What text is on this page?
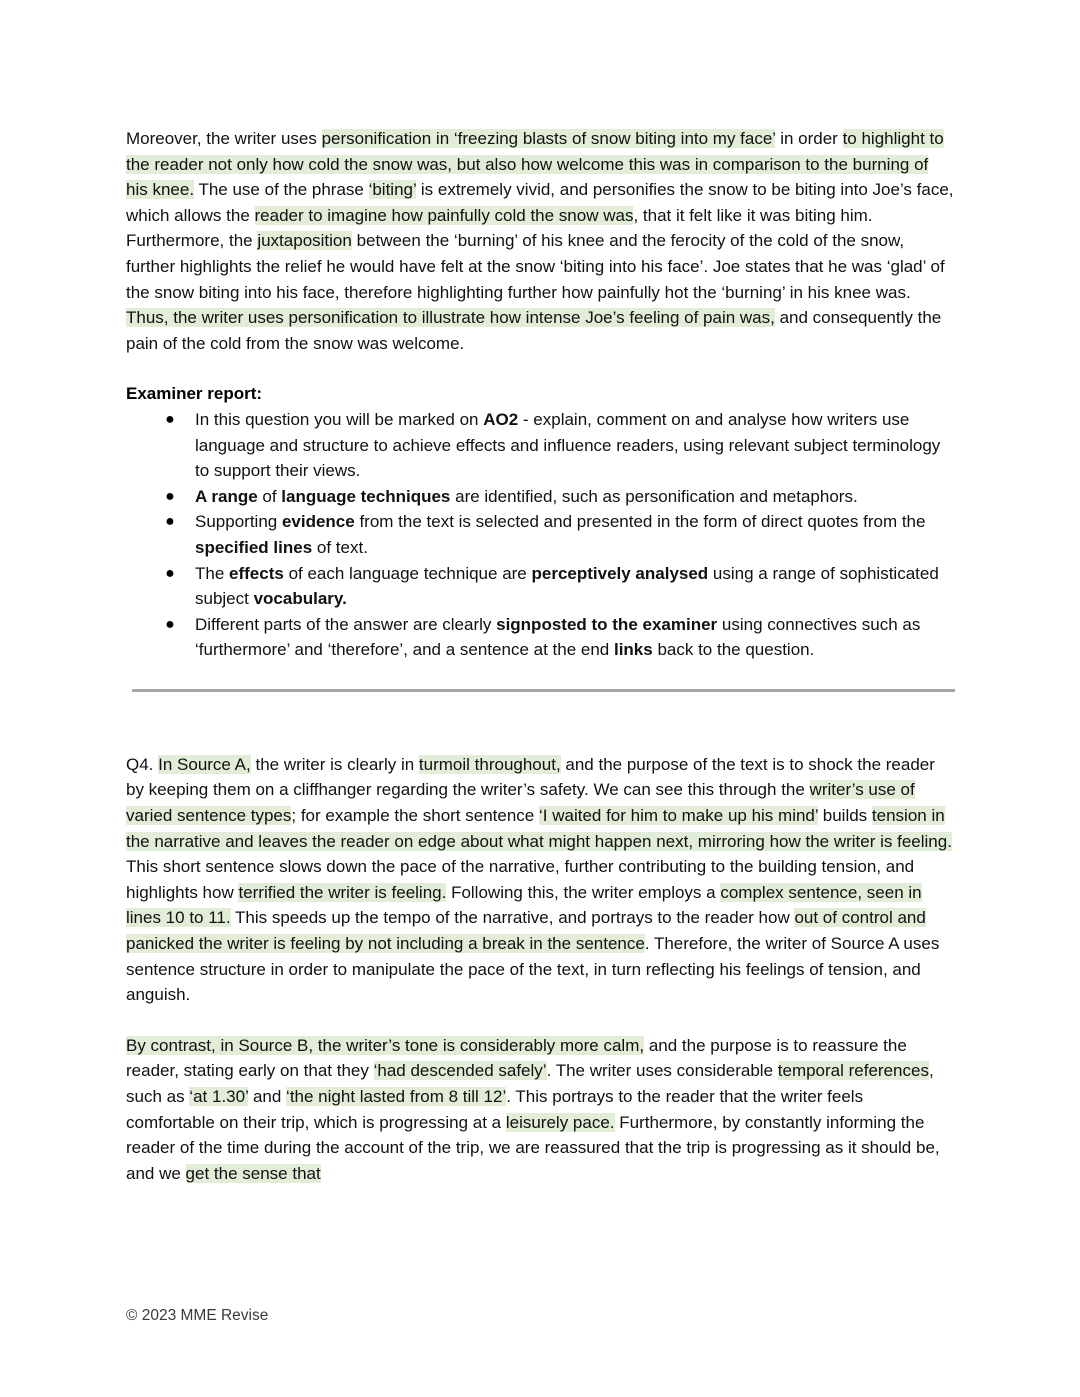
Moreover, the writer uses personification in ‘freezing blasts of snow biting into my face’ in order to highlight to the reader not only how cold the snow was, but also how welcome this was in comparison to the burning of his knee. The use of the phrase ‘biting’ is extremely vivid, and personifies the snow to be biting into Joe’s face, which allows the reader to imagine how painfully cold the snow was, that it felt like it was biting him. Furthermore, the juxtaposition between the ‘burning’ of his knee and the ferocity of the cold of the snow, further highlights the relief he would have felt at the snow ‘biting into his face’. Joe states that he was ‘glad’ of the snow biting into his face, therefore highlighting further how painfully hot the ‘burning’ in his knee was. Thus, the writer uses personification to illustrate how intense Joe’s feeling of pain was, and consequently the pain of the cold from the snow was welcome.

Examiner report:

● In this question you will be marked on AO2 - explain, comment on and analyse how writers use language and structure to achieve effects and influence readers, using relevant subject terminology to support their views.
● A range of language techniques are identified, such as personification and metaphors.
● Supporting evidence from the text is selected and presented in the form of direct quotes from the specified lines of text.
● The effects of each language technique are perceptively analysed using a range of sophisticated subject vocabulary.
● Different parts of the answer are clearly signposted to the examiner using connectives such as ‘furthermore’ and ‘therefore’, and a sentence at the end links back to the question.

Q4. In Source A, the writer is clearly in turmoil throughout, and the purpose of the text is to shock the reader by keeping them on a cliffhanger regarding the writer’s safety. We can see this through the writer’s use of varied sentence types; for example the short sentence ‘I waited for him to make up his mind’ builds tension in the narrative and leaves the reader on edge about what might happen next, mirroring how the writer is feeling. This short sentence slows down the pace of the narrative, further contributing to the building tension, and highlights how terrified the writer is feeling. Following this, the writer employs a complex sentence, seen in lines 10 to 11. This speeds up the tempo of the narrative, and portrays to the reader how out of control and panicked the writer is feeling by not including a break in the sentence. Therefore, the writer of Source A uses sentence structure in order to manipulate the pace of the text, in turn reflecting his feelings of tension, and anguish.

By contrast, in Source B, the writer’s tone is considerably more calm, and the purpose is to reassure the reader, stating early on that they ‘had descended safely’. The writer uses considerable temporal references, such as ‘at 1.30’ and ‘the night lasted from 8 till 12’. This portrays to the reader that the writer feels comfortable on their trip, which is progressing at a leisurely pace. Furthermore, by constantly informing the reader of the time during the account of the trip, we are reassured that the trip is progressing as it should be, and we get the sense that

© 2023 MME Revise
